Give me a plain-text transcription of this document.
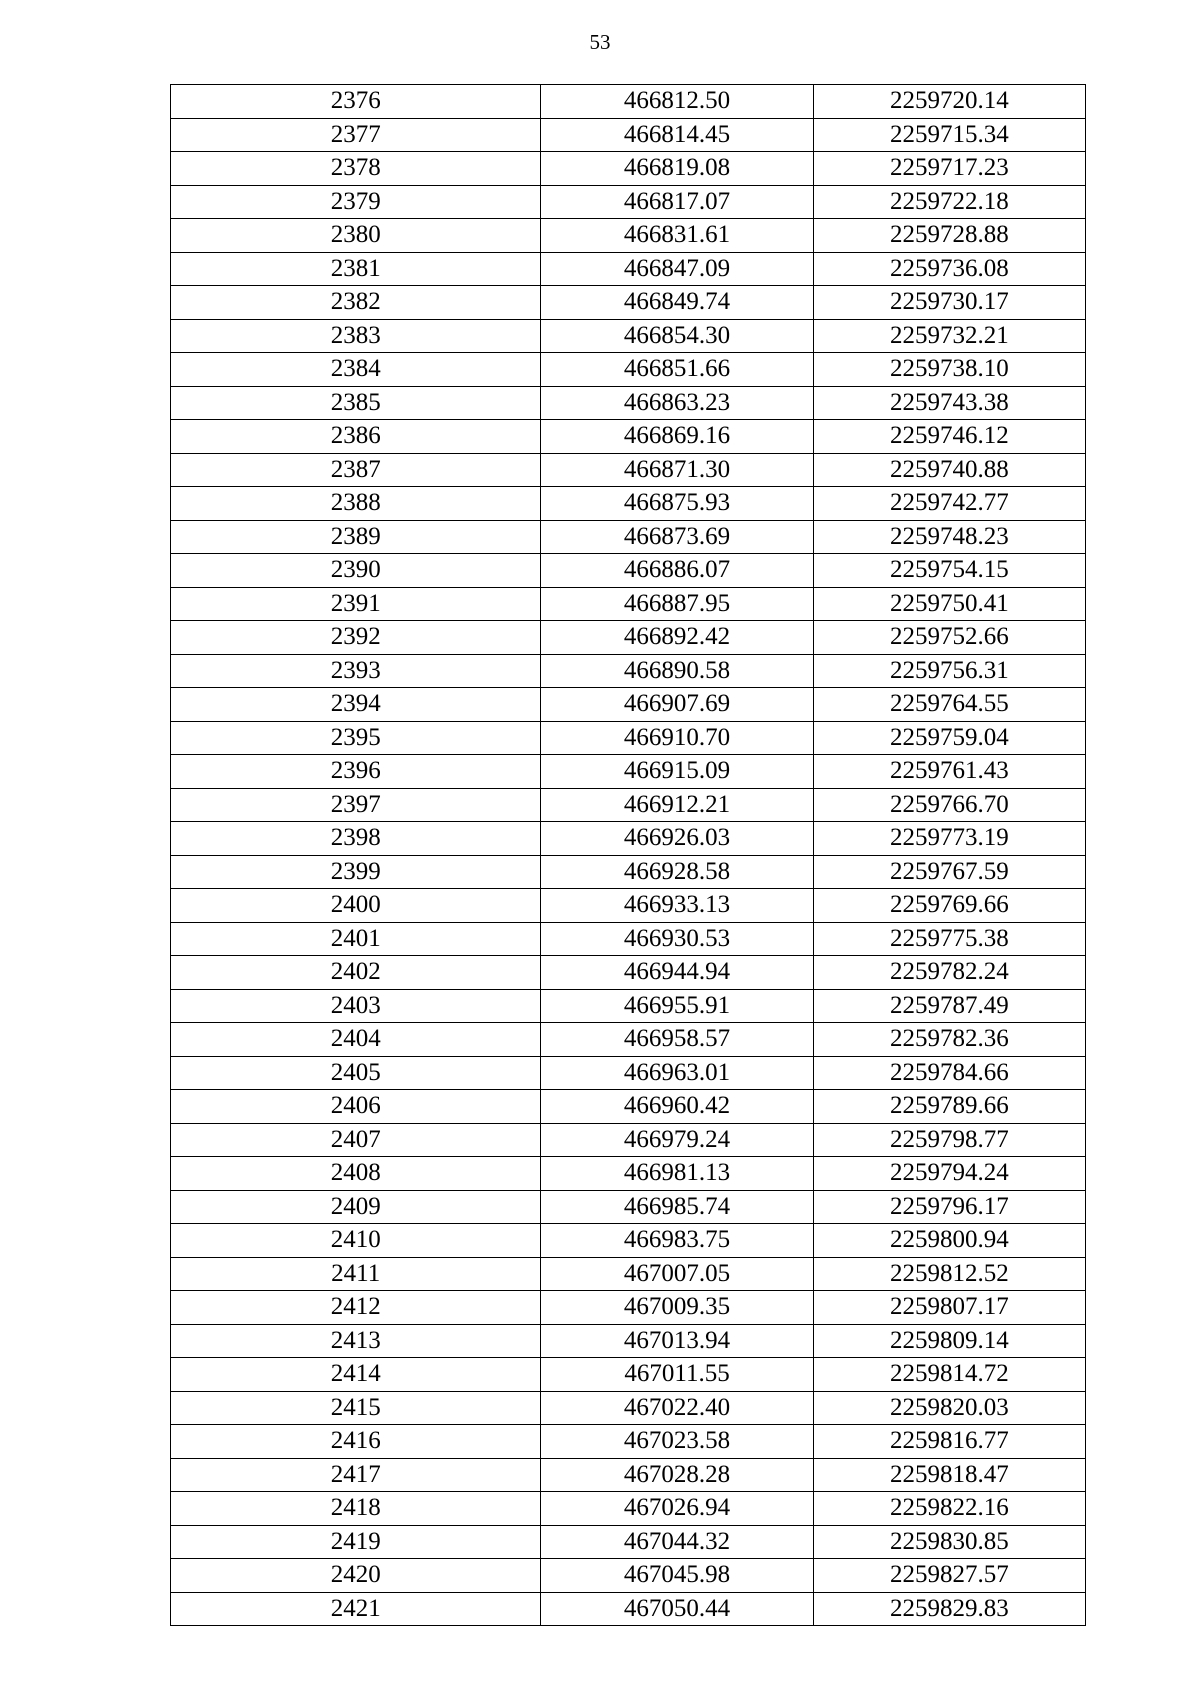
53
2376	466812.50	2259720.14
2377	466814.45	2259715.34
2378	466819.08	2259717.23
2379	466817.07	2259722.18
2380	466831.61	2259728.88
2381	466847.09	2259736.08
2382	466849.74	2259730.17
2383	466854.30	2259732.21
2384	466851.66	2259738.10
2385	466863.23	2259743.38
2386	466869.16	2259746.12
2387	466871.30	2259740.88
2388	466875.93	2259742.77
2389	466873.69	2259748.23
2390	466886.07	2259754.15
2391	466887.95	2259750.41
2392	466892.42	2259752.66
2393	466890.58	2259756.31
2394	466907.69	2259764.55
2395	466910.70	2259759.04
2396	466915.09	2259761.43
2397	466912.21	2259766.70
2398	466926.03	2259773.19
2399	466928.58	2259767.59
2400	466933.13	2259769.66
2401	466930.53	2259775.38
2402	466944.94	2259782.24
2403	466955.91	2259787.49
2404	466958.57	2259782.36
2405	466963.01	2259784.66
2406	466960.42	2259789.66
2407	466979.24	2259798.77
2408	466981.13	2259794.24
2409	466985.74	2259796.17
2410	466983.75	2259800.94
2411	467007.05	2259812.52
2412	467009.35	2259807.17
2413	467013.94	2259809.14
2414	467011.55	2259814.72
2415	467022.40	2259820.03
2416	467023.58	2259816.77
2417	467028.28	2259818.47
2418	467026.94	2259822.16
2419	467044.32	2259830.85
2420	467045.98	2259827.57
2421	467050.44	2259829.83
